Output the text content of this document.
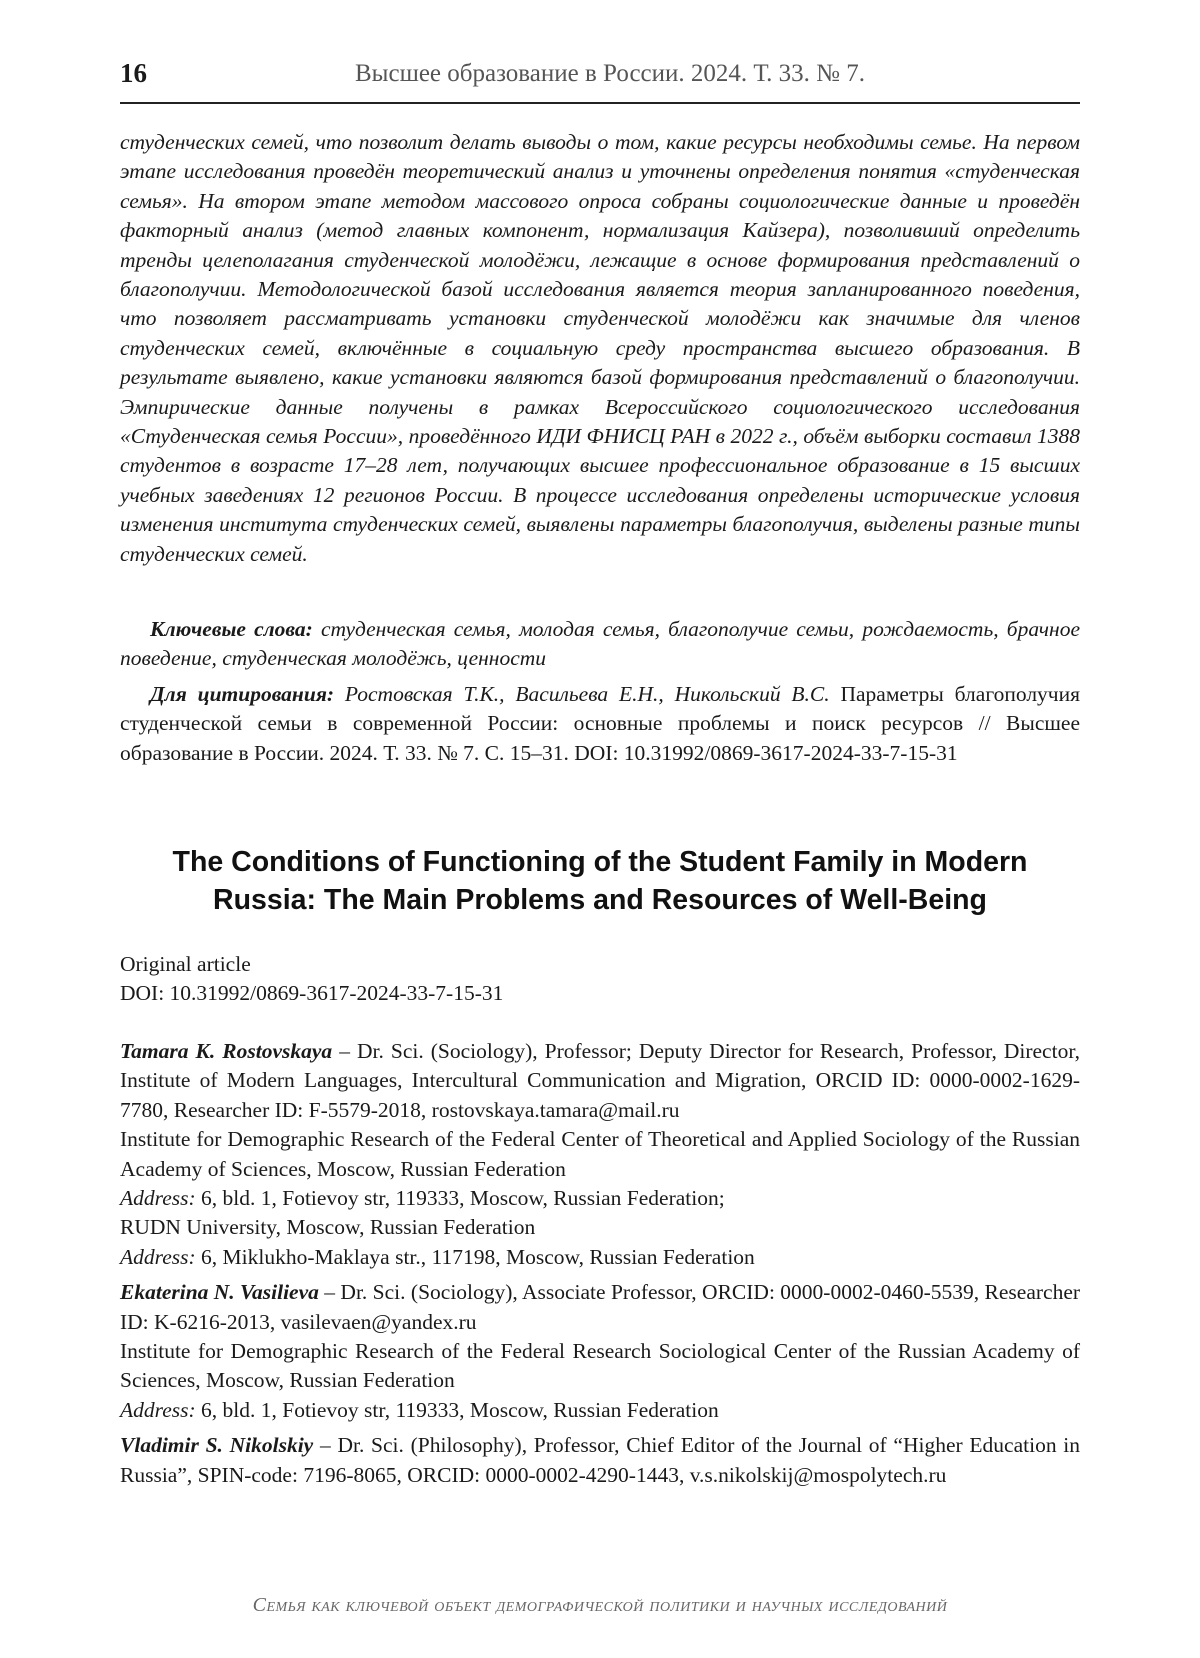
16	Высшее образование в России. 2024. Т. 33. № 7.

студенческих семей, что позволит делать выводы о том, какие ресурсы необходимы семье. На первом этапе исследования проведён теоретический анализ и уточнены определения понятия «студенческая семья». На втором этапе методом массового опроса собраны социологические данные и проведён факторный анализ (метод главных компонент, нормализация Кайзера), позволивший определить тренды целеполагания студенческой молодёжи, лежащие в основе формирования представлений о благополучии. Методологической базой исследования является теория запланированного поведения, что позволяет рассматривать установки студенческой молодёжи как значимые для членов студенческих семей, включённые в социальную среду пространства высшего образования. В результате выявлено, какие установки являются базой формирования представлений о благополучии. Эмпирические данные получены в рамках Всероссийского социологического исследования «Студенческая семья России», проведённого ИДИ ФНИСЦ РАН в 2022 г., объём выборки составил 1388 студентов в возрасте 17–28 лет, получающих высшее профессиональное образование в 15 высших учебных заведениях 12 регионов России. В процессе исследования определены исторические условия изменения института студенческих семей, выявлены параметры благополучия, выделены разные типы студенческих семей.

Ключевые слова: студенческая семья, молодая семья, благополучие семьи, рождаемость, брачное поведение, студенческая молодёжь, ценности

Для цитирования: Ростовская Т.К., Васильева Е.Н., Никольский В.С. Параметры благополучия студенческой семьи в современной России: основные проблемы и поиск ресурсов // Высшее образование в России. 2024. Т. 33. № 7. С. 15–31. DOI: 10.31992/0869-3617-2024-33-7-15-31

The Conditions of Functioning of the Student Family in Modern
Russia: The Main Problems and Resources of Well-Being
Original article
DOI: 10.31992/0869-3617-2024-33-7-15-31

Tamara K. Rostovskaya – Dr. Sci. (Sociology), Professor; Deputy Director for Research, Professor, Director, Institute of Modern Languages, Intercultural Communication and Migration, ORCID ID: 0000-0002-1629-7780, Researcher ID: F-5579-2018, rostovskaya.tamara@mail.ru

Institute for Demographic Research of the Federal Center of Theoretical and Applied Sociology of the Russian Academy of Sciences, Moscow, Russian Federation

Address: 6, bld. 1, Fotievoy str, 119333, Moscow, Russian Federation;

RUDN University, Moscow, Russian Federation

Address: 6, Miklukho-Maklaya str., 117198, Moscow, Russian Federation

Ekaterina N. Vasilieva – Dr. Sci. (Sociology), Associate Professor, ORCID: 0000-0002-0460-5539, Researcher ID: K-6216-2013, vasilevaen@yandex.ru

Institute for Demographic Research of the Federal Research Sociological Center of the Russian Academy of Sciences, Moscow, Russian Federation

Address: 6, bld. 1, Fotievoy str, 119333, Moscow, Russian Federation

Vladimir S. Nikolskiy – Dr. Sci. (Philosophy), Professor, Chief Editor of the Journal of “Higher Education in Russia”, SPIN-code: 7196-8065, ORCID: 0000-0002-4290-1443, v.s.nikolskij@mospolytech.ru

Семья как ключевой объект демографической политики и научных исследований
